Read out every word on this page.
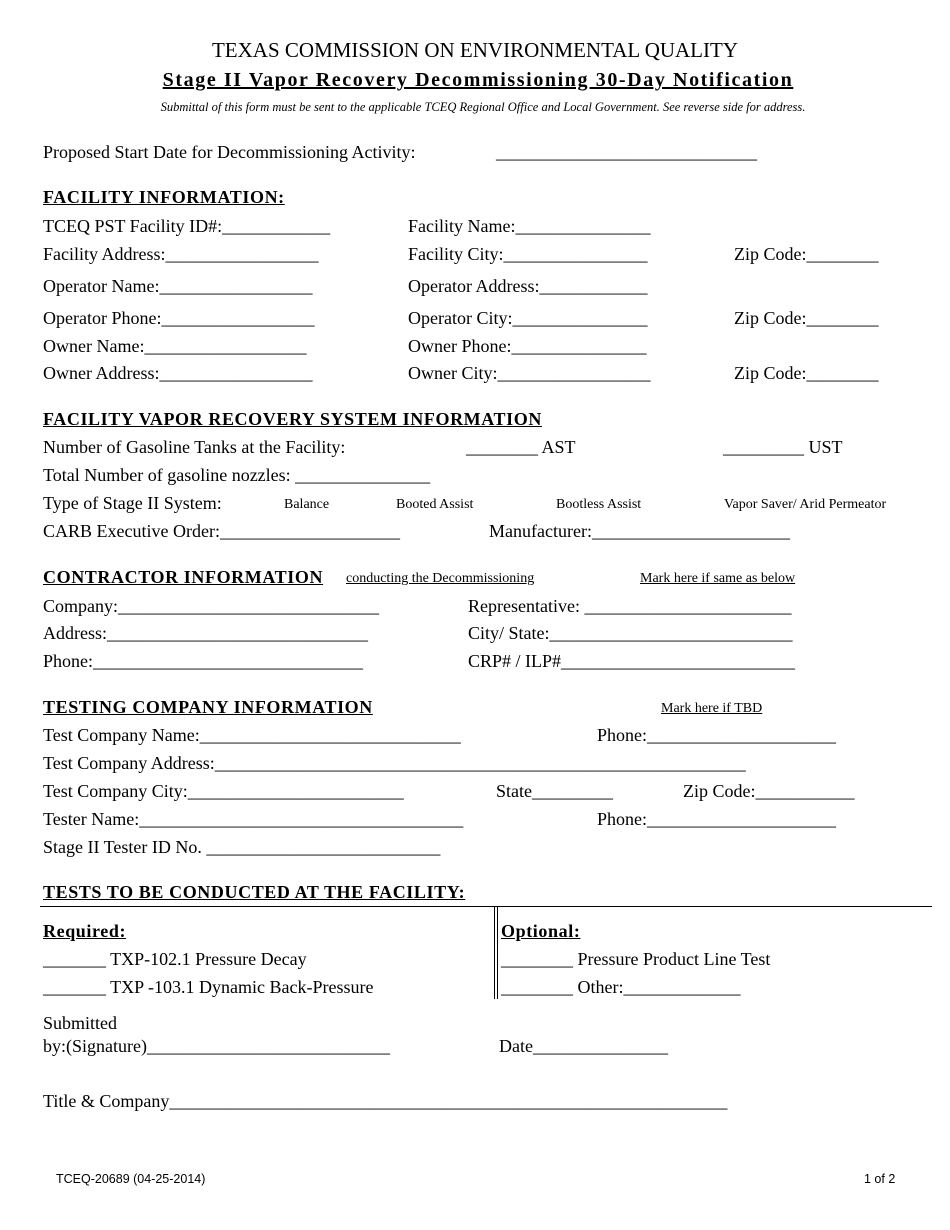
TEXAS COMMISSION ON ENVIRONMENTAL QUALITY
Stage II Vapor Recovery Decommissioning 30-Day Notification
Submittal of this form must be sent to the applicable TCEQ Regional Office and Local Government. See reverse side for address.
Proposed Start Date for Decommissioning Activity:	_____________________________
FACILITY INFORMATION:
TCEQ PST Facility ID#:____________	Facility Name:_______________
Facility Address:_________________	Facility City:________________	Zip Code:________
Operator Name:_________________	Operator Address:____________
Operator Phone:_________________	Operator City:_______________	Zip Code:________
Owner Name:__________________	Owner Phone:_______________
Owner Address:_________________	Owner City:_________________	Zip Code:________
FACILITY VAPOR RECOVERY SYSTEM INFORMATION
Number of Gasoline Tanks at the Facility:	________ AST	_________ UST
Total Number of gasoline nozzles: _______________
Type of Stage II System:	Balance	Booted Assist	Bootless Assist	Vapor Saver/ Arid Permeator
CARB Executive Order:____________________	Manufacturer:______________________
CONTRACTOR INFORMATION conducting the Decommissioning	Mark here if same as below
Company:_____________________________	Representative: _______________________
Address:_____________________________	City/ State:___________________________
Phone:______________________________	CRP# / ILP#__________________________
TESTING COMPANY INFORMATION	Mark here if TBD
Test Company Name:_____________________________	Phone:_____________________
Test Company Address:___________________________________________________________
Test Company City:________________________	State_________	Zip Code:___________
Tester Name:____________________________________	Phone:_____________________
Stage II Tester ID No. __________________________
TESTS TO BE CONDUCTED AT THE FACILITY:
Required:	Optional:
_______ TXP-102.1 Pressure Decay	________ Pressure Product Line Test
_______ TXP -103.1 Dynamic Back-Pressure	________ Other:_____________
Submitted
by:(Signature)___________________________	Date_______________
Title & Company______________________________________________________________
TCEQ-20689 (04-25-2014)	1 of 2
